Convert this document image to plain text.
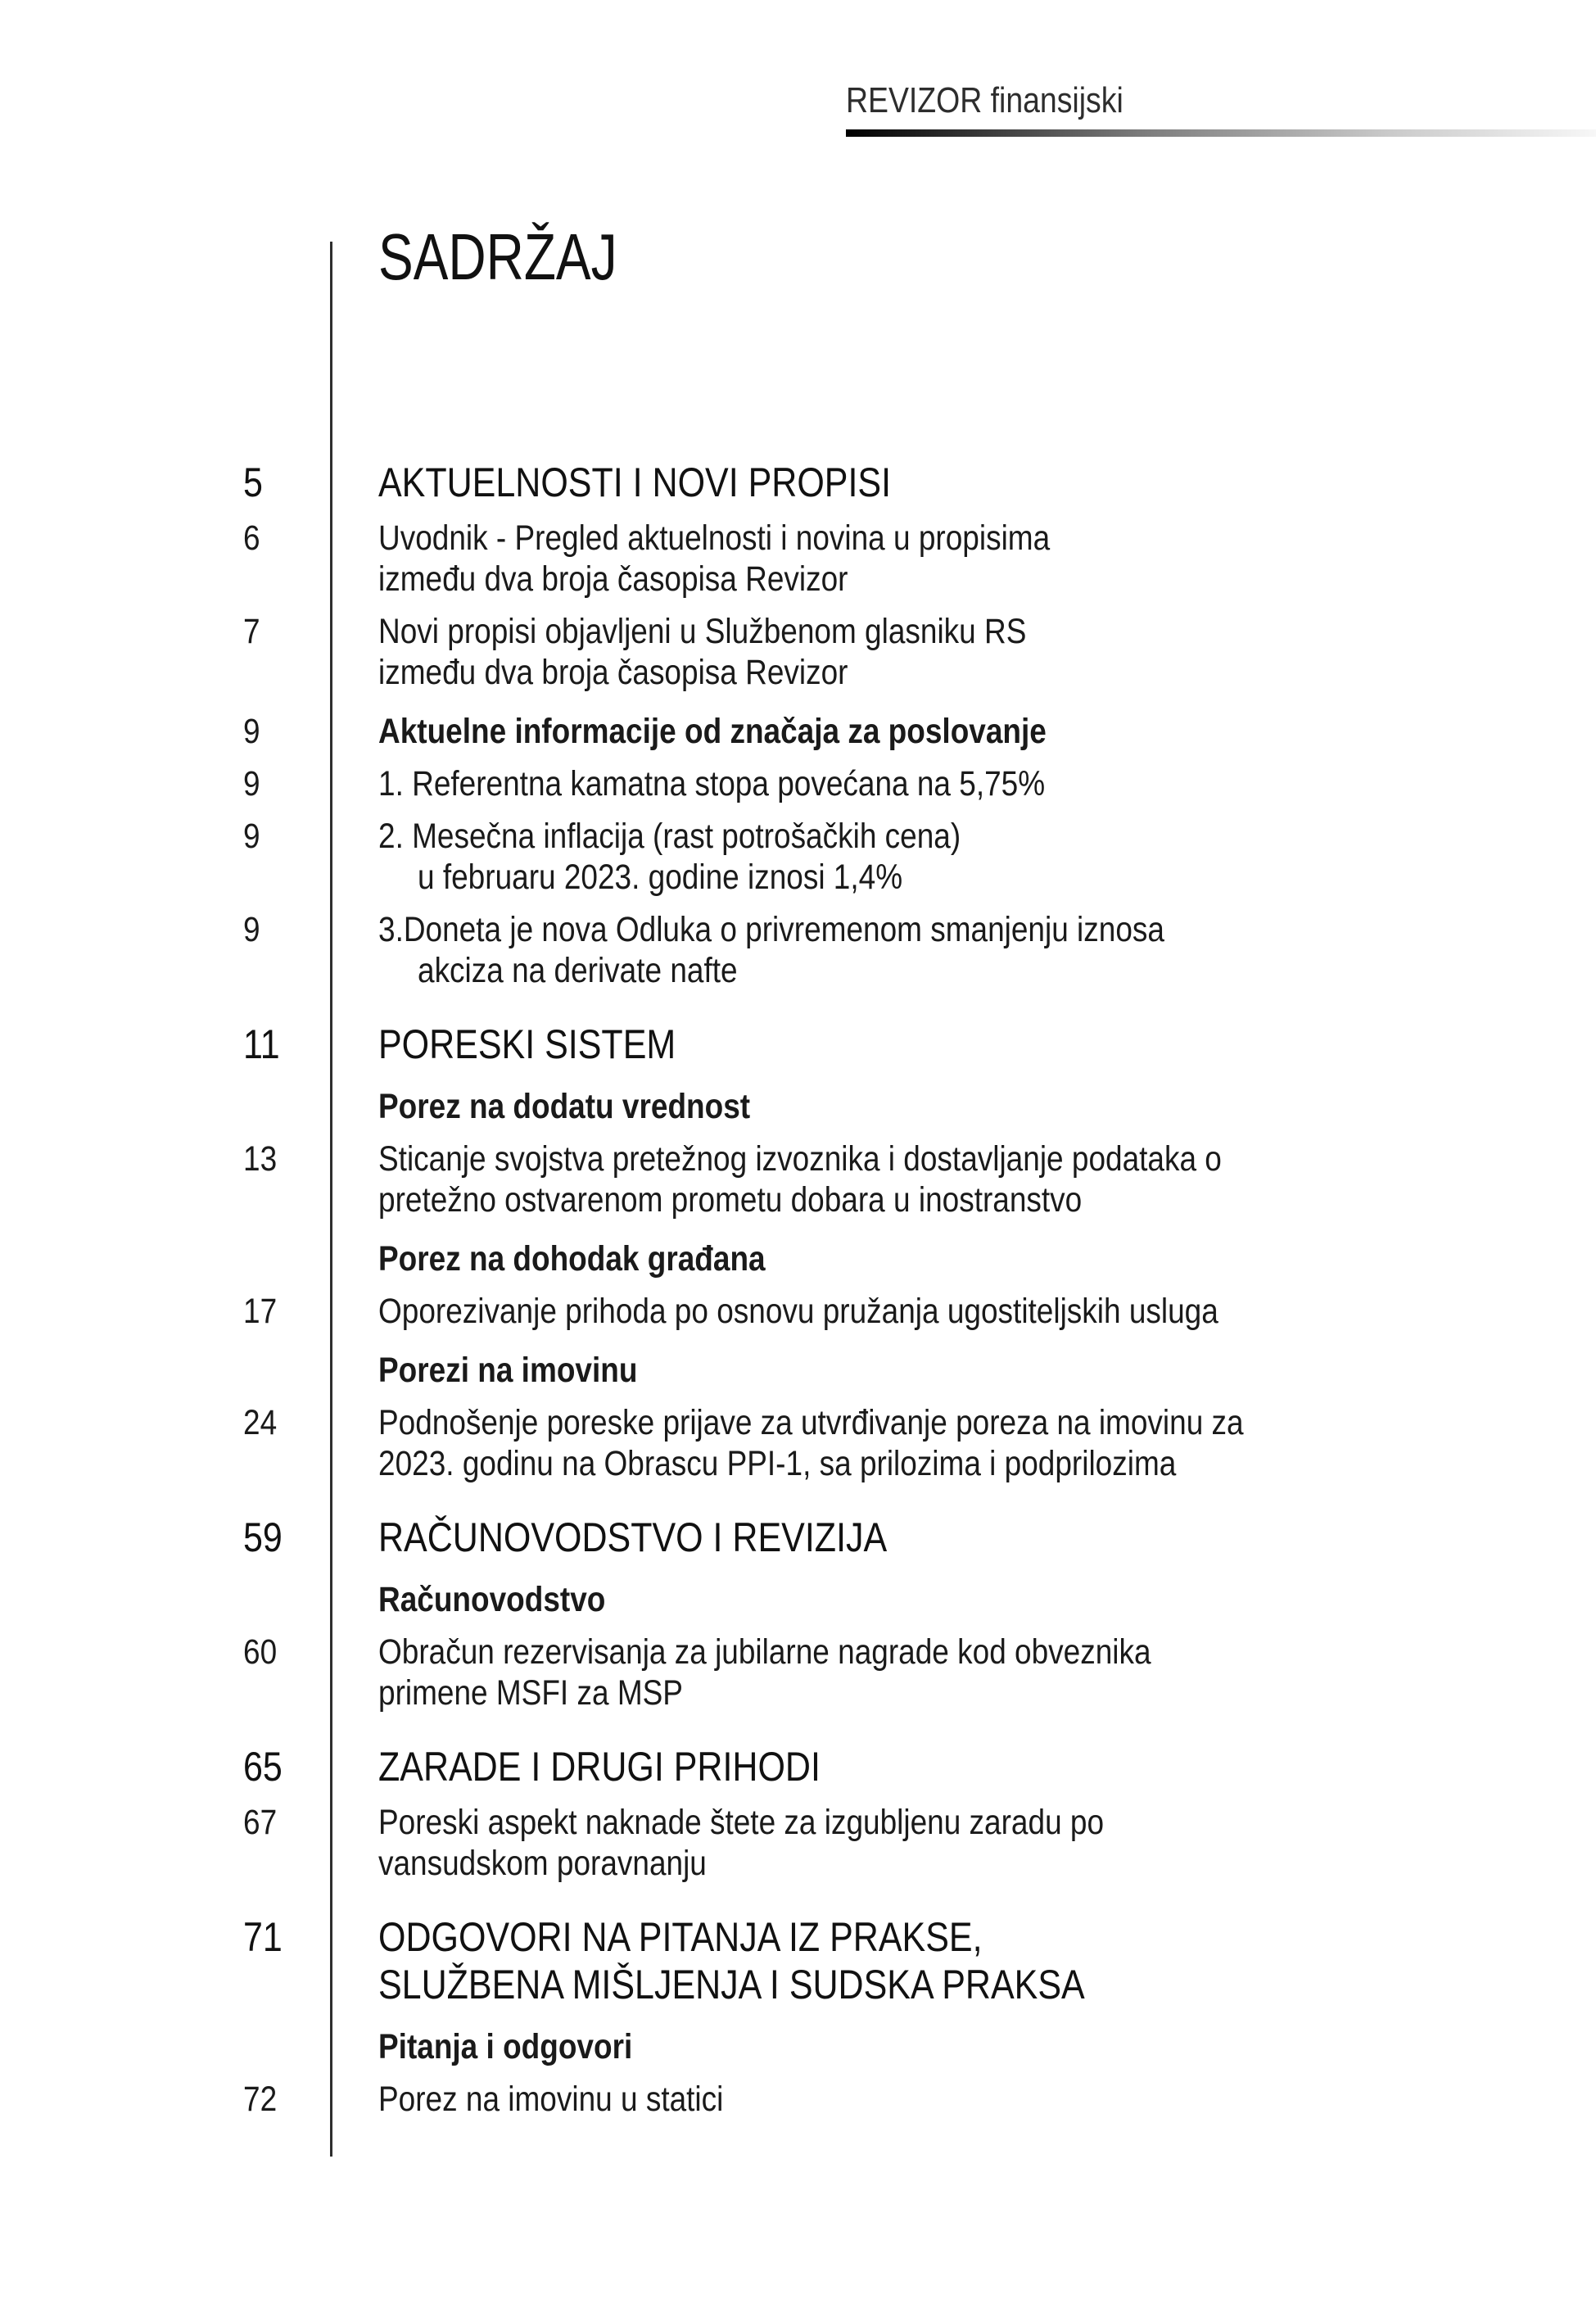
REVIZOR finansijski
SADRŽAJ
5	AKTUELNOSTI I NOVI PROPISI
6	Uvodnik - Pregled aktuelnosti i novina u propisima
između dva broja časopisa Revizor
7	Novi propisi objavljeni u Službenom glasniku RS
između dva broja časopisa Revizor
9	Aktuelne informacije od značaja za poslovanje
9	1. Referentna kamatna stopa povećana na 5,75%
9	2. Mesečna inflacija (rast potrošačkih cena)
u februaru 2023. godine iznosi 1,4%
9	3.Doneta je nova Odluka o privremenom smanjenju iznosa
akciza na derivate nafte
11	PORESKI SISTEM
Porez na dodatu vrednost
13	Sticanje svojstva pretežnog izvoznika i dostavljanje podataka o
pretežno ostvarenom prometu dobara u inostranstvo
Porez na dohodak građana
17	Oporezivanje prihoda po osnovu pružanja ugostiteljskih usluga
Porezi na imovinu
24	Podnošenje poreske prijave za utvrđivanje poreza na imovinu za
2023. godinu na Obrascu PPI-1, sa prilozima i podprilozima
59	RAČUNOVODSTVO I REVIZIJA
Računovodstvo
60	Obračun rezervisanja za jubilarne nagrade kod obveznika
primene MSFI za MSP
65	ZARADE I DRUGI PRIHODI
67	Poreski aspekt naknade štete za izgubljenu zaradu po
vansudskom poravnanju
71	ODGOVORI NA PITANJA IZ PRAKSE,
SLUŽBENA MIŠLJENJA I SUDSKA PRAKSA
Pitanja i odgovori
72	Porez na imovinu u statici
